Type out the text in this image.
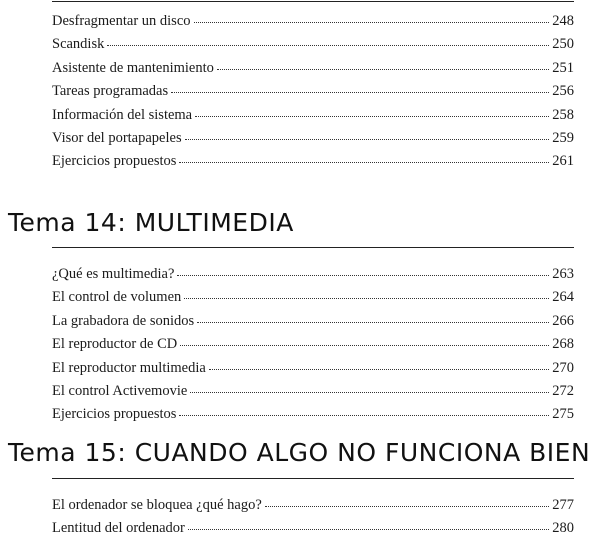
Desfragmentar un disco	248
Scandisk	250
Asistente de mantenimiento	251
Tareas programadas	256
Información del sistema	258
Visor del portapapeles	259
Ejercicios propuestos	261
Tema 14: MULTIMEDIA
¿Qué es multimedia?	263
El control de volumen	264
La grabadora de sonidos	266
El reproductor de CD	268
El reproductor multimedia	270
El control Activemovie	272
Ejercicios propuestos	275
Tema 15: CUANDO ALGO NO FUNCIONA BIEN
El ordenador se bloquea ¿qué hago?	277
Lentitud del ordenador	280
